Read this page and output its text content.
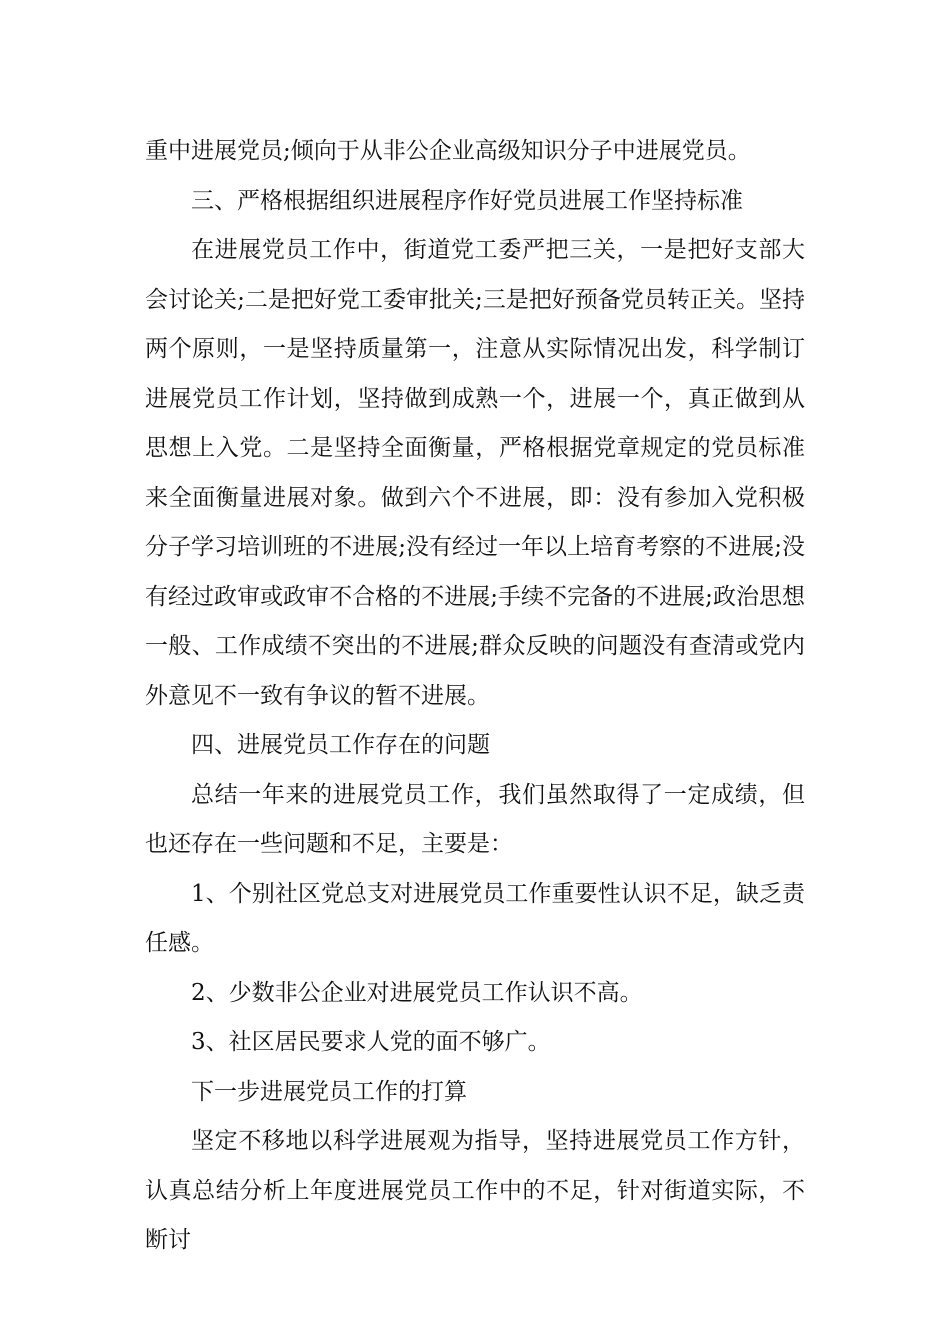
重中进展党员;倾向于从非公企业高级知识分子中进展党员。

三、严格根据组织进展程序作好党员进展工作坚持标准

在进展党员工作中，街道党工委严把三关，一是把好支部大会讨论关;二是把好党工委审批关;三是把好预备党员转正关。坚持两个原则，一是坚持质量第一，注意从实际情况出发，科学制订进展党员工作计划，坚持做到成熟一个，进展一个，真正做到从思想上入党。二是坚持全面衡量，严格根据党章规定的党员标准来全面衡量进展对象。做到六个不进展，即：没有参加入党积极分子学习培训班的不进展;没有经过一年以上培育考察的不进展;没有经过政审或政审不合格的不进展;手续不完备的不进展;政治思想一般、工作成绩不突出的不进展;群众反映的问题没有查清或党内外意见不一致有争议的暂不进展。

四、进展党员工作存在的问题

总结一年来的进展党员工作，我们虽然取得了一定成绩，但也还存在一些问题和不足，主要是：

1、个别社区党总支对进展党员工作重要性认识不足，缺乏责任感。

2、少数非公企业对进展党员工作认识不高。

3、社区居民要求人党的面不够广。

下一步进展党员工作的打算

坚定不移地以科学进展观为指导，坚持进展党员工作方针，认真总结分析上年度进展党员工作中的不足，针对街道实际，不断讨
